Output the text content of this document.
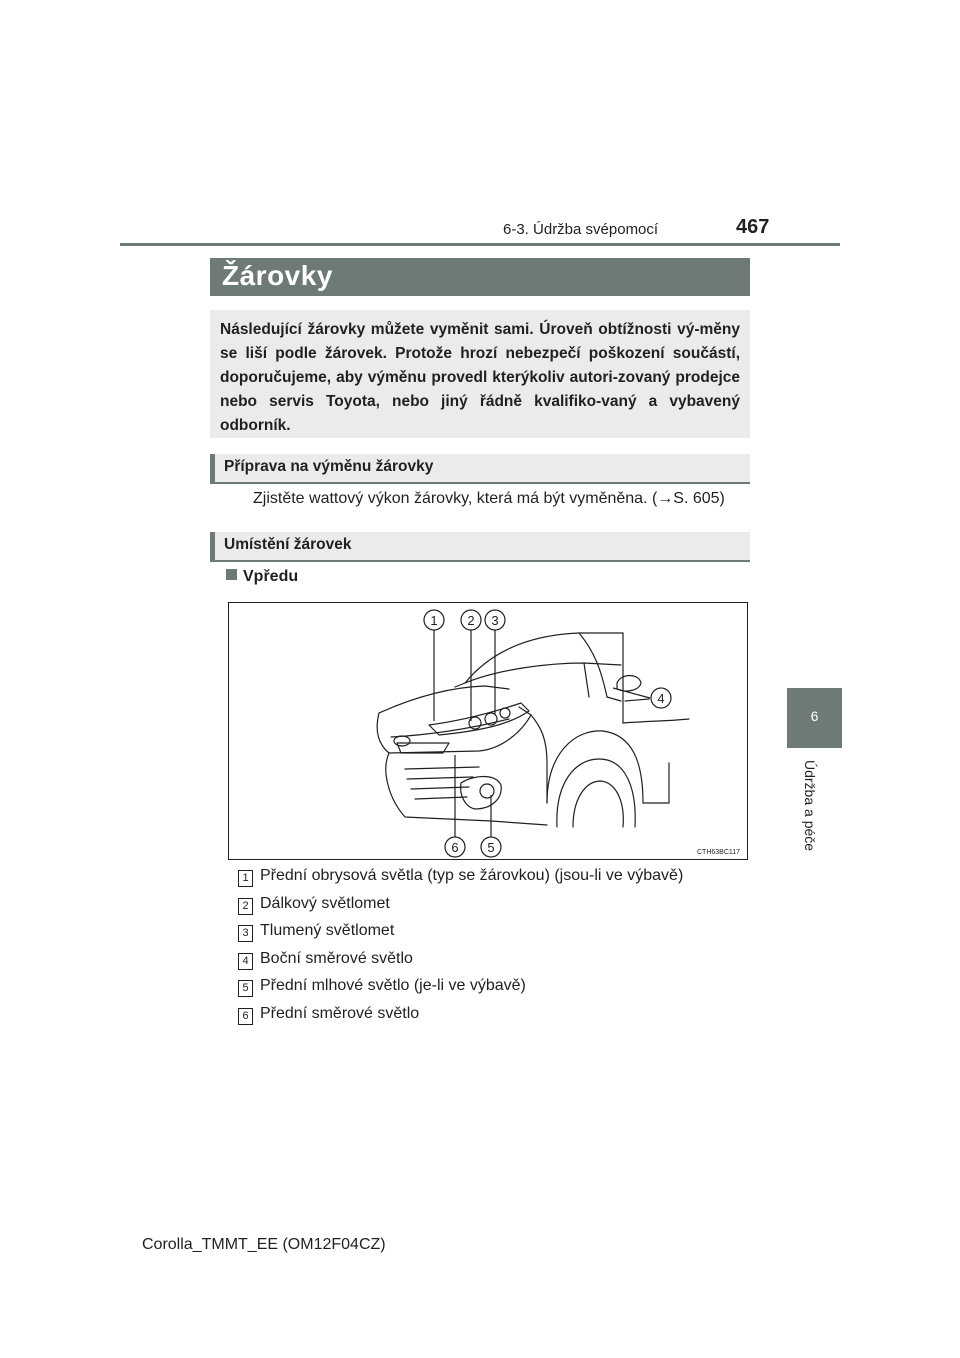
6-3. Údržba svépomocí	467
6
Údržba a péče
Žárovky
Následující žárovky můžete vyměnit sami. Úroveň obtížnosti vý-měny se liší podle žárovek. Protože hrozí nebezpečí poškození součástí, doporučujeme, aby výměnu provedl kterýkoliv autori-zovaný prodejce nebo servis Toyota, nebo jiný řádně kvalifiko-vaný a vybavený odborník.
Příprava na výměnu žárovky
Zjistěte wattový výkon žárovky, která má být vyměněna. (→S. 605)
Umístění žárovek
Vpředu
1 2 3
4
5
6	CTH63BC117
1 Přední obrysová světla (typ se žárovkou) (jsou-li ve výbavě)
2 Dálkový světlomet
3 Tlumený světlomet
4 Boční směrové světlo
5 Přední mlhové světlo (je-li ve výbavě)
6 Přední směrové světlo
Corolla_TMMT_EE (OM12F04CZ)
